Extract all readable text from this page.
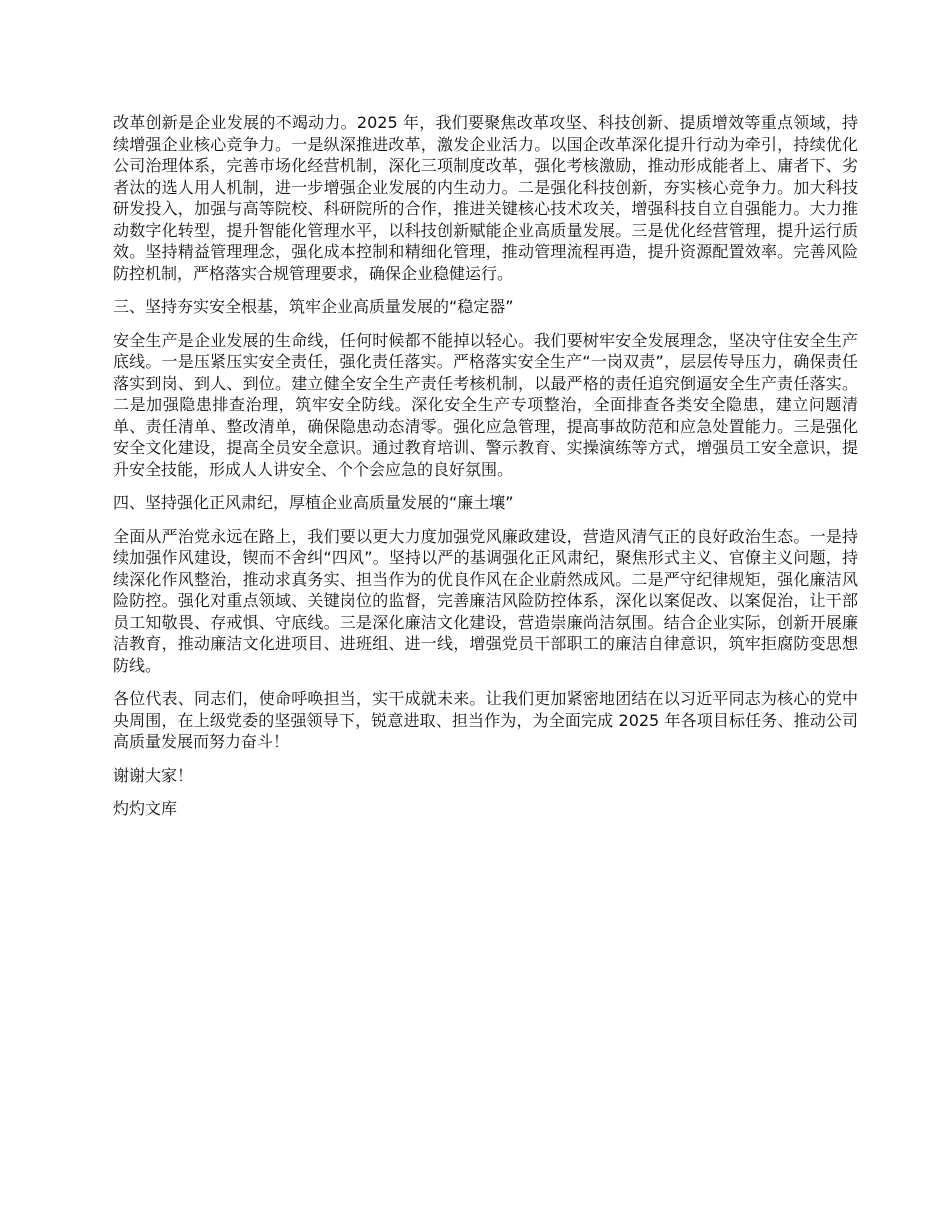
改革创新是企业发展的不竭动力。2025 年，我们要聚焦改革攻坚、科技创新、提质增效等重点领域，持续增强企业核心竞争力。一是纵深推进改革，激发企业活力。以国企改革深化提升行动为牵引，持续优化公司治理体系，完善市场化经营机制，深化三项制度改革，强化考核激励，推动形成能者上、庸者下、劣者汰的选人用人机制，进一步增强企业发展的内生动力。二是强化科技创新，夯实核心竞争力。加大科技研发投入，加强与高等院校、科研院所的合作，推进关键核心技术攻关，增强科技自立自强能力。大力推动数字化转型，提升智能化管理水平，以科技创新赋能企业高质量发展。三是优化经营管理，提升运行质效。坚持精益管理理念，强化成本控制和精细化管理，推动管理流程再造，提升资源配置效率。完善风险防控机制，严格落实合规管理要求，确保企业稳健运行。

三、坚持夯实安全根基，筑牢企业高质量发展的“稳定器”

安全生产是企业发展的生命线，任何时候都不能掉以轻心。我们要树牢安全发展理念，坚决守住安全生产底线。一是压紧压实安全责任，强化责任落实。严格落实安全生产“一岗双责”，层层传导压力，确保责任落实到岗、到人、到位。建立健全安全生产责任考核机制，以最严格的责任追究倒逼安全生产责任落实。二是加强隐患排查治理，筑牢安全防线。深化安全生产专项整治，全面排查各类安全隐患，建立问题清单、责任清单、整改清单，确保隐患动态清零。强化应急管理，提高事故防范和应急处置能力。三是强化安全文化建设，提高全员安全意识。通过教育培训、警示教育、实操演练等方式，增强员工安全意识，提升安全技能，形成人人讲安全、个个会应急的良好氛围。

四、坚持强化正风肃纪，厚植企业高质量发展的“廉土壤”

全面从严治党永远在路上，我们要以更大力度加强党风廉政建设，营造风清气正的良好政治生态。一是持续加强作风建设，锲而不舍纠“四风”。坚持以严的基调强化正风肃纪，聚焦形式主义、官僚主义问题，持续深化作风整治，推动求真务实、担当作为的优良作风在企业蔚然成风。二是严守纪律规矩，强化廉洁风险防控。强化对重点领域、关键岗位的监督，完善廉洁风险防控体系，深化以案促改、以案促治，让干部员工知敬畏、存戒惧、守底线。三是深化廉洁文化建设，营造崇廉尚洁氛围。结合企业实际，创新开展廉洁教育，推动廉洁文化进项目、进班组、进一线，增强党员干部职工的廉洁自律意识，筑牢拒腐防变思想防线。

各位代表、同志们，使命呼唤担当，实干成就未来。让我们更加紧密地团结在以习近平同志为核心的党中央周围，在上级党委的坚强领导下，锐意进取、担当作为，为全面完成 2025 年各项目标任务、推动公司高质量发展而努力奋斗！

谢谢大家！

灼灼文库
